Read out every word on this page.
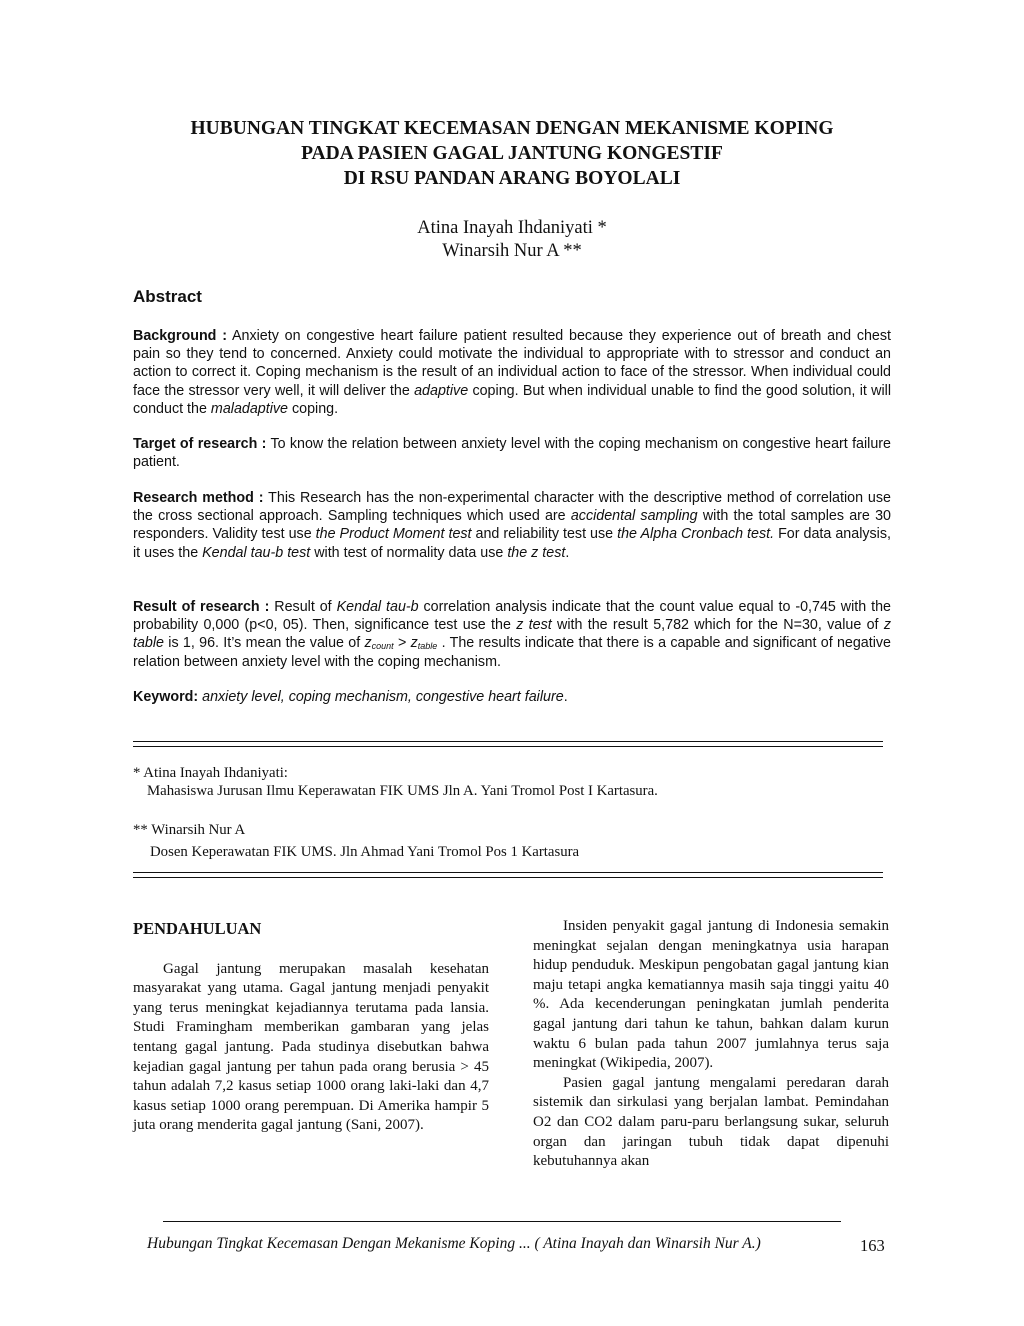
HUBUNGAN TINGKAT KECEMASAN DENGAN MEKANISME KOPING
PADA PASIEN GAGAL JANTUNG KONGESTIF
DI RSU PANDAN ARANG BOYOLALI
Atina Inayah Ihdaniyati *
Winarsih Nur A **
Abstract
Background : Anxiety on congestive heart failure patient resulted because they experience out of breath and chest pain so they tend to concerned. Anxiety could motivate the individual to appropriate with to stressor and conduct an action to correct it. Coping mechanism is the result of an individual action to face of the stressor. When individual could face the stressor very well, it will deliver the adaptive coping. But when individual unable to find the good solution, it will conduct the maladaptive coping.
Target of research : To know the relation between anxiety level with the coping mechanism on congestive heart failure patient.
Research method : This Research has the non-experimental character with the descriptive method of correlation use the cross sectional approach. Sampling techniques which used are accidental sampling with the total samples are 30 responders. Validity test use the Product Moment test and reliability test use the Alpha Cronbach test. For data analysis, it uses the Kendal tau-b test with test of normality data use the z test.
Result of research : Result of Kendal tau-b correlation analysis indicate that the count value equal to -0,745 with the probability 0,000 (p<0, 05). Then, significance test use the z test with the result 5,782 which for the N=30, value of z table is 1, 96. It’s mean the value of $z_{count} > z_{table}$ . The results indicate that there is a capable and significant of negative relation between anxiety level with the coping mechanism.
Keyword: anxiety level, coping mechanism, congestive heart failure.
* Atina Inayah Ihdaniyati:
Mahasiswa Jurusan Ilmu Keperawatan FIK UMS Jln A. Yani Tromol Post I Kartasura.
** Winarsih Nur A
Dosen Keperawatan FIK UMS. Jln Ahmad Yani Tromol Pos 1 Kartasura
PENDAHULUAN

Gagal jantung merupakan masalah kesehatan masyarakat yang utama. Gagal jantung menjadi penyakit yang terus meningkat kejadiannya terutama pada lansia. Studi Framingham memberikan gambaran yang jelas tentang gagal jantung. Pada studinya disebutkan bahwa kejadian gagal jantung per tahun pada orang berusia > 45 tahun adalah 7,2 kasus setiap 1000 orang laki-laki dan 4,7 kasus setiap 1000 orang perempuan. Di Amerika hampir 5 juta orang menderita gagal jantung (Sani, 2007).

Insiden penyakit gagal jantung di Indonesia semakin meningkat sejalan dengan meningkatnya usia harapan hidup penduduk. Meskipun pengobatan gagal jantung kian maju tetapi angka kematiannya masih saja tinggi yaitu 40 %. Ada kecenderungan peningkatan jumlah penderita gagal jantung dari tahun ke tahun, bahkan dalam kurun waktu 6 bulan pada tahun 2007 jumlahnya terus saja meningkat (Wikipedia, 2007).

Pasien gagal jantung mengalami peredaran darah sistemik dan sirkulasi yang berjalan lambat. Pemindahan O2 dan CO2 dalam paru-paru berlangsung sukar, seluruh organ dan jaringan tubuh tidak dapat dipenuhi kebutuhannya akan

Hubungan Tingkat Kecemasan Dengan Mekanisme Koping ... ( Atina Inayah dan Winarsih Nur A.)	163
